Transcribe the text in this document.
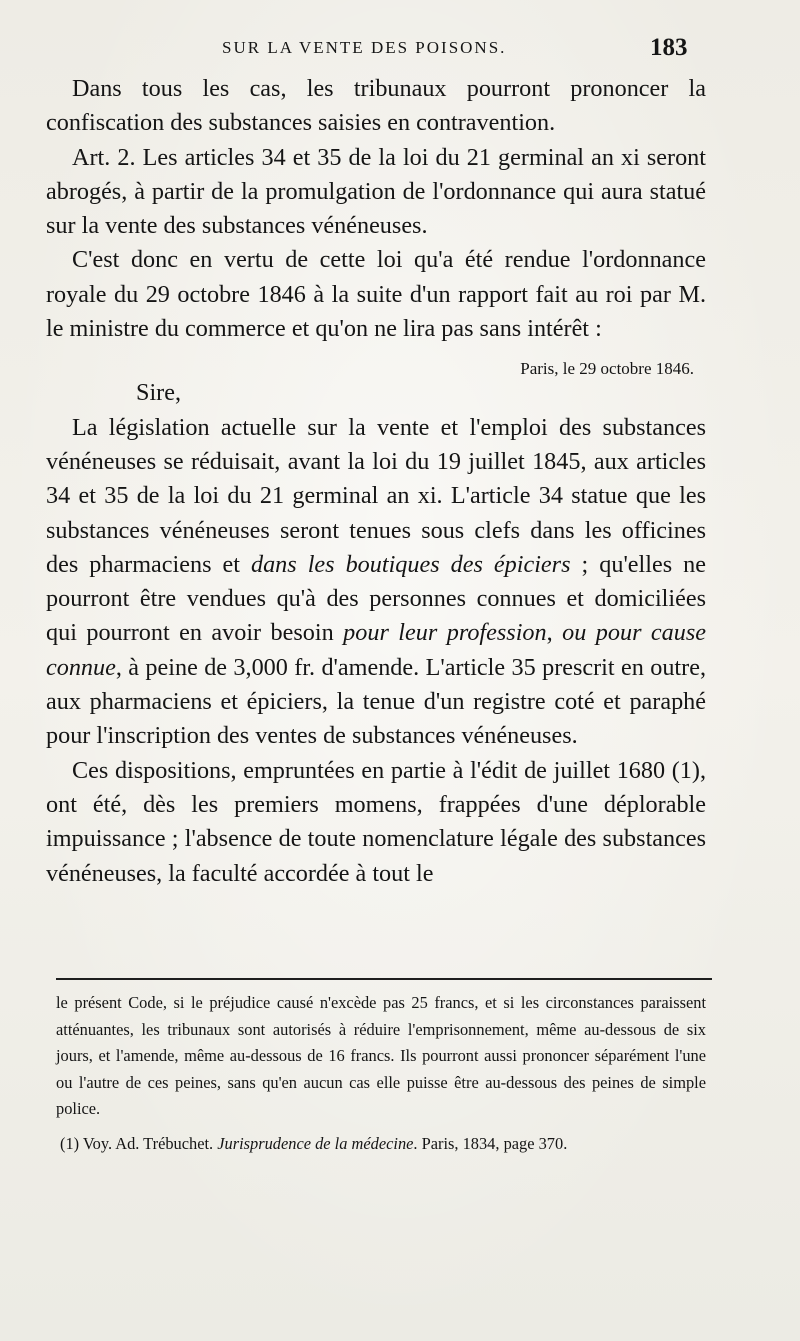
SUR LA VENTE DES POISONS.	183

Dans tous les cas, les tribunaux pourront prononcer la confiscation des substances saisies en contravention.

Art. 2. Les articles 34 et 35 de la loi du 21 germinal an xi seront abrogés, à partir de la promulgation de l'ordonnance qui aura statué sur la vente des substances vénéneuses.

C'est donc en vertu de cette loi qu'a été rendue l'ordonnance royale du 29 octobre 1846 à la suite d'un rapport fait au roi par M. le ministre du commerce et qu'on ne lira pas sans intérêt :

Paris, le 29 octobre 1846.

Sire,

La législation actuelle sur la vente et l'emploi des substances vénéneuses se réduisait, avant la loi du 19 juillet 1845, aux articles 34 et 35 de la loi du 21 germinal an xi. L'article 34 statue que les substances vénéneuses seront tenues sous clefs dans les officines des pharmaciens et dans les boutiques des épiciers ; qu'elles ne pourront être vendues qu'à des personnes connues et domiciliées qui pourront en avoir besoin pour leur profession, ou pour cause connue, à peine de 3,000 fr. d'amende. L'article 35 prescrit en outre, aux pharmaciens et épiciers, la tenue d'un registre coté et paraphé pour l'inscription des ventes de substances vénéneuses.

Ces dispositions, empruntées en partie à l'édit de juillet 1680 (1), ont été, dès les premiers momens, frappées d'une déplorable impuissance ; l'absence de toute nomenclature légale des substances vénéneuses, la faculté accordée à tout le

le présent Code, si le préjudice causé n'excède pas 25 francs, et si les circonstances paraissent atténuantes, les tribunaux sont autorisés à réduire l'emprisonnement, même au-dessous de six jours, et l'amende, même au-dessous de 16 francs. Ils pourront aussi prononcer séparément l'une ou l'autre de ces peines, sans qu'en aucun cas elle puisse être au-dessous des peines de simple police.

(1) Voy. Ad. Trébuchet. Jurisprudence de la médecine. Paris, 1834, page 370.
